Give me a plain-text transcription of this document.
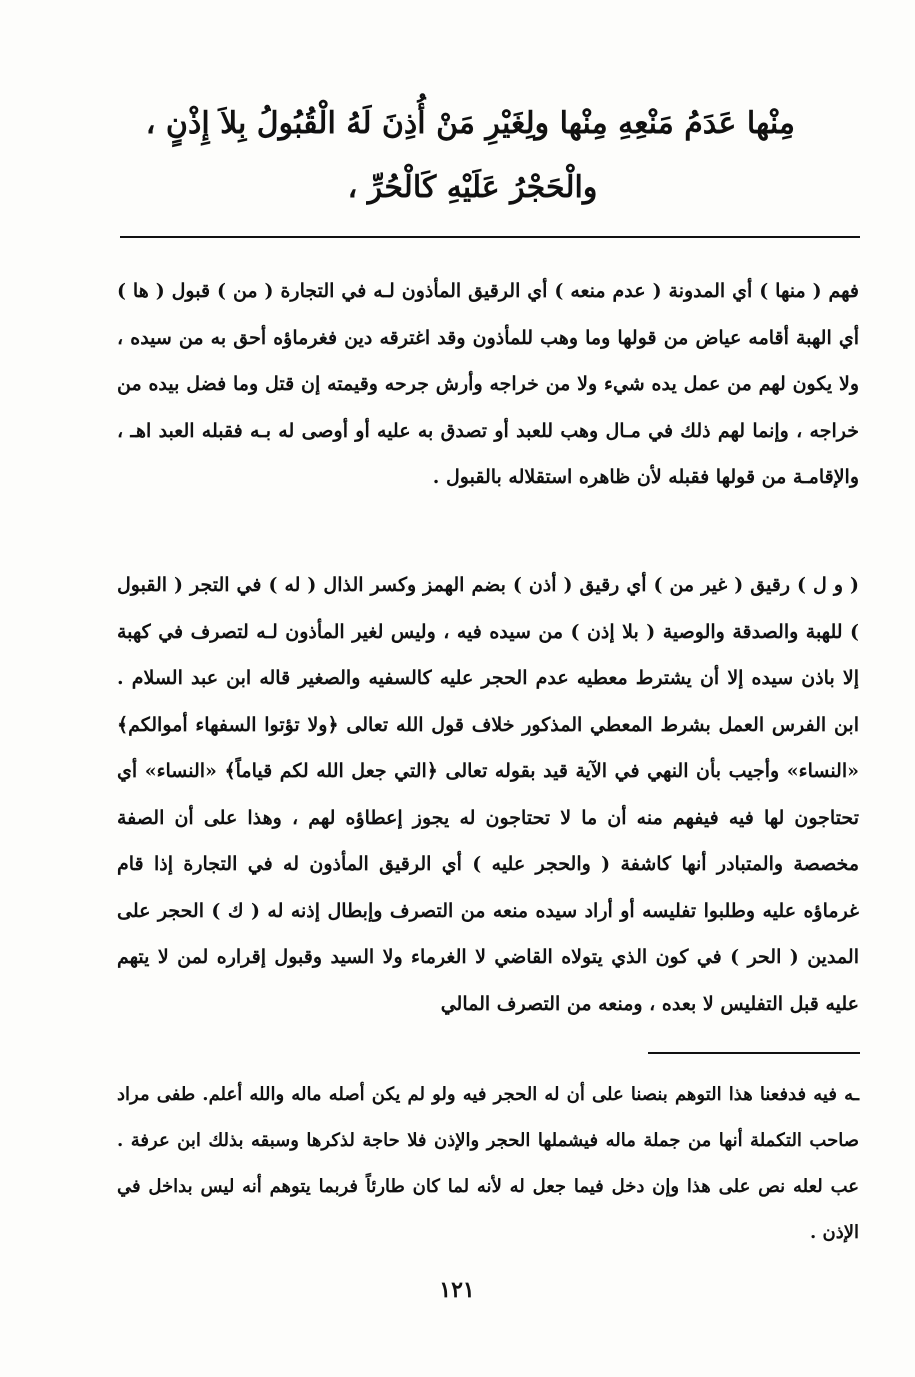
مِنْها عَدَمُ مَنْعِهِ مِنْها ولِغَيْرِ مَنْ أُذِنَ لَهُ الْقُبُولُ بِلاَ إِذْنٍ ،
والْحَجْرُ عَلَيْهِ كَالْحُرِّ ،
فهم ( منها ) أي المدونة ( عدم منعه ) أي الرقيق المأذون لـه في التجارة ( من ) قبول ( ها ) أي الهبة أقامه عياض من قولها وما وهب للمأذون وقد اغترقه دين فغرماؤه أحق به من سيده ، ولا يكون لهم من عمل يده شيء ولا من خراجه وأرش جرحه وقيمته إن قتل وما فضل بيده من خراجه ، وإنما لهم ذلك في مـال وهب للعبد أو تصدق به عليه أو أوصى له بـه فقبله العبد اهـ ، والإقامـة من قولها فقبله لأن ظاهره استقلاله بالقبول .
( و ل ) رقيق ( غير من ) أي رقيق ( أذن ) بضم الهمز وكسر الذال ( له ) في التجر ( القبول ) للهبة والصدقة والوصية ( بلا إذن ) من سيده فيه ، وليس لغير المأذون لـه لتصرف في كهبة إلا باذن سيده إلا أن يشترط معطيه عدم الحجر عليه كالسفيه والصغير قاله ابن عبد السلام . ابن الفرس العمل بشرط المعطي المذكور خلاف قول الله تعالى ﴿ولا تؤتوا السفهاء أموالكم﴾ «النساء» وأجيب بأن النهي في الآية قيد بقوله تعالى ﴿التي جعل الله لكم قياماً﴾ «النساء» أي تحتاجون لها فيه فيفهم منه أن ما لا تحتاجون له يجوز إعطاؤه لهم ، وهذا على أن الصفة مخصصة والمتبادر أنها كاشفة ( والحجر عليه ) أي الرقيق المأذون له في التجارة إذا قام غرماؤه عليه وطلبوا تفليسه أو أراد سيده منعه من التصرف وإبطال إذنه له ( ك ) الحجر على المدين ( الحر ) في كون الذي يتولاه القاضي لا الغرماء ولا السيد وقبول إقراره لمن لا يتهم عليه قبل التفليس لا بعده ، ومنعه من التصرف المالي
ـه فيه فدفعنا هذا التوهم بنصنا على أن له الحجر فيه ولو لم يكن أصله ماله والله أعلم. طفى مراد صاحب التكملة أنها من جملة ماله فيشملها الحجر والإذن فلا حاجة لذكرها وسبقه بذلك ابن عرفة . عب لعله نص على هذا وإن دخل فيما جعل له لأنه لما كان طارئاً فربما يتوهم أنه ليس بداخل في الإذن .
١٢١
